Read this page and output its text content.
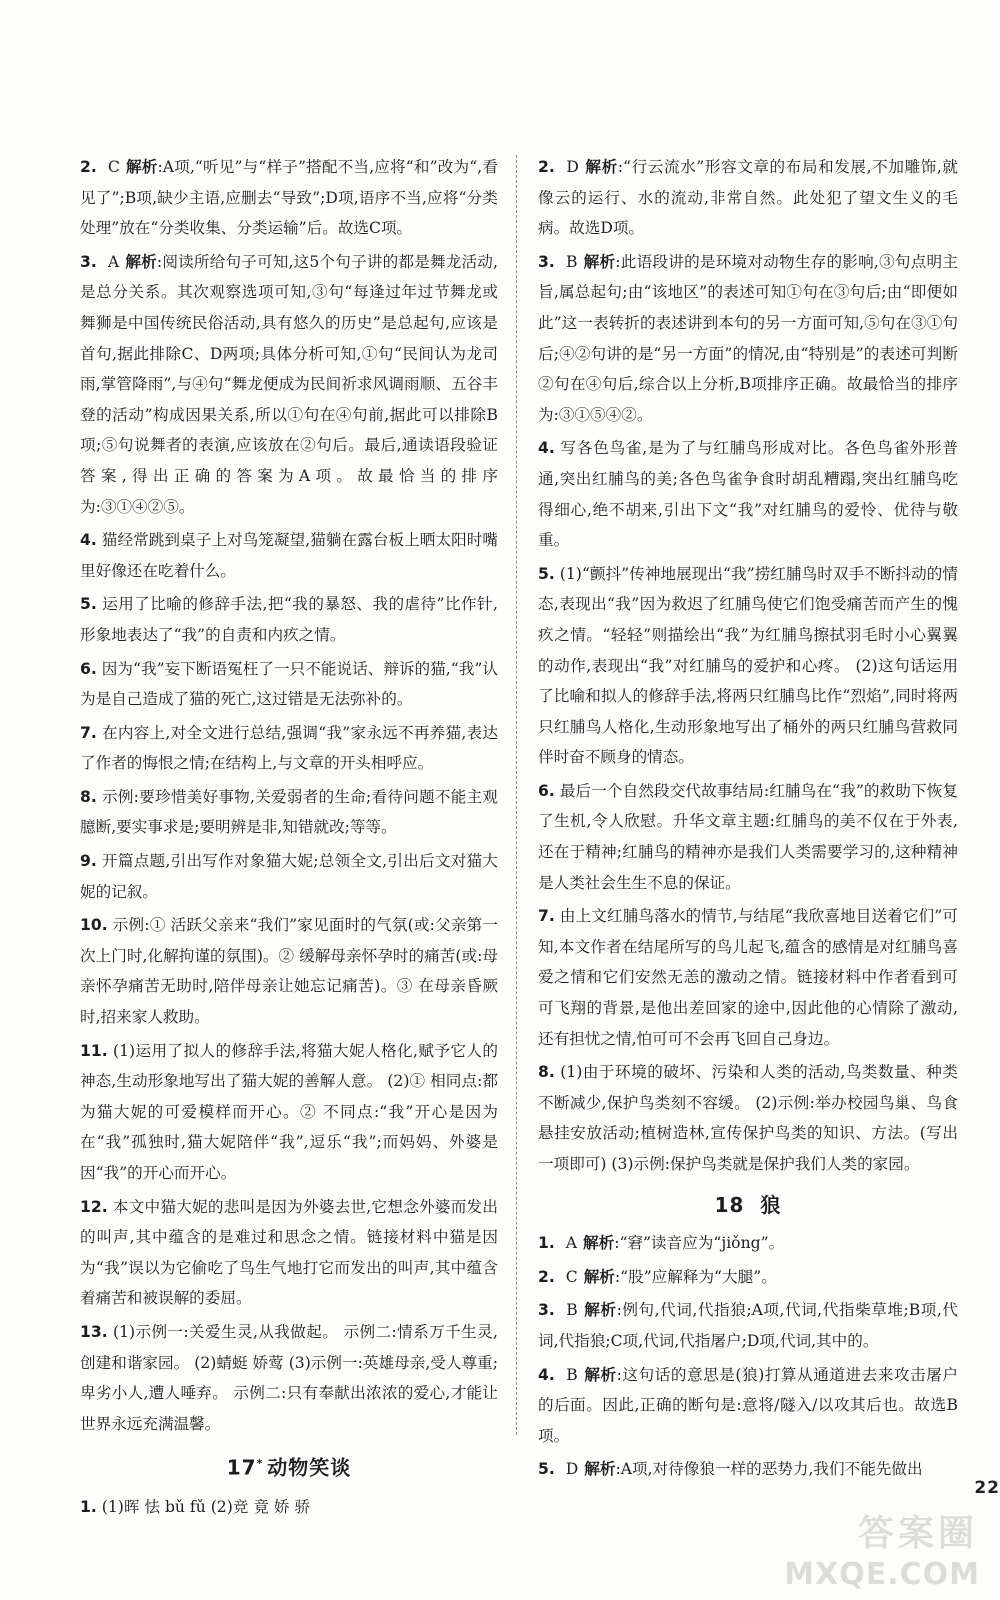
2. C 解析:A项,“听见”与“样子”搭配不当,应将“和”改为“,看见了”;B项,缺少主语,应删去“导致”;D项,语序不当,应将“分类处理”放在“分类收集、分类运输”后。故选C项。
3. A 解析:阅读所给句子可知,这5个句子讲的都是舞龙活动,是总分关系。其次观察选项可知,③句“每逢过年过节舞龙或舞狮是中国传统民俗活动,具有悠久的历史”是总起句,应该是首句,据此排除C、D两项;具体分析可知,①句“民间认为龙司雨,掌管降雨”,与④句“舞龙便成为民间祈求风调雨顺、五谷丰登的活动”构成因果关系,所以①句在④句前,据此可以排除B项;⑤句说舞者的表演,应该放在②句后。最后,通读语段验证答案,得出正确的答案为A项。故最恰当的排序为:③①④②⑤。
4. 猫经常跳到桌子上对鸟笼凝望,猫躺在露台板上晒太阳时嘴里好像还在吃着什么。
5. 运用了比喻的修辞手法,把“我的暴怒、我的虐待”比作针,形象地表达了“我”的自责和内疚之情。
6. 因为“我”妄下断语冤枉了一只不能说话、辩诉的猫,“我”认为是自己造成了猫的死亡,这过错是无法弥补的。
7. 在内容上,对全文进行总结,强调“我”家永远不再养猫,表达了作者的悔恨之情;在结构上,与文章的开头相呼应。
8. 示例:要珍惜美好事物,关爱弱者的生命;看待问题不能主观臆断,要实事求是;要明辨是非,知错就改;等等。
9. 开篇点题,引出写作对象猫大妮;总领全文,引出后文对猫大妮的记叙。
10. 示例:① 活跃父亲来“我们”家见面时的气氛(或:父亲第一次上门时,化解拘谨的氛围)。② 缓解母亲怀孕时的痛苦(或:母亲怀孕痛苦无助时,陪伴母亲让她忘记痛苦)。③ 在母亲昏厥时,招来家人救助。
11. (1)运用了拟人的修辞手法,将猫大妮人格化,赋予它人的神态,生动形象地写出了猫大妮的善解人意。 (2)① 相同点:都为猫大妮的可爱模样而开心。② 不同点:“我”开心是因为在“我”孤独时,猫大妮陪伴“我”,逗乐“我”;而妈妈、外婆是因“我”的开心而开心。
12. 本文中猫大妮的悲叫是因为外婆去世,它想念外婆而发出的叫声,其中蕴含的是难过和思念之情。链接材料中猫是因为“我”误以为它偷吃了鸟生气地打它而发出的叫声,其中蕴含着痛苦和被误解的委屈。
13. (1)示例一:关爱生灵,从我做起。 示例二:情系万千生灵,创建和谐家园。 (2)蜻蜓 娇莺 (3)示例一:英雄母亲,受人尊重;卑劣小人,遭人唾弃。 示例二:只有奉献出浓浓的爱心,才能让世界永远充满温馨。
17* 动物笑谈
1. (1)晖 怯 bǔ fǔ (2)竞 竟 娇 骄
2. D 解析:“行云流水”形容文章的布局和发展,不加雕饰,就像云的运行、水的流动,非常自然。此处犯了望文生义的毛病。故选D项。
3. B 解析:此语段讲的是环境对动物生存的影响,③句点明主旨,属总起句;由“该地区”的表述可知①句在③句后;由“即便如此”这一表转折的表述讲到本句的另一方面可知,⑤句在③①句后;④②句讲的是“另一方面”的情况,由“特别是”的表述可判断②句在④句后,综合以上分析,B项排序正确。故最恰当的排序为:③①⑤④②。
4. 写各色鸟雀,是为了与红脯鸟形成对比。各色鸟雀外形普通,突出红脯鸟的美;各色鸟雀争食时胡乱糟蹋,突出红脯鸟吃得细心,绝不胡来,引出下文“我”对红脯鸟的爱怜、优待与敬重。
5. (1)“颤抖”传神地展现出“我”捞红脯鸟时双手不断抖动的情态,表现出“我”因为救迟了红脯鸟使它们饱受痛苦而产生的愧疚之情。“轻轻”则描绘出“我”为红脯鸟擦拭羽毛时小心翼翼的动作,表现出“我”对红脯鸟的爱护和心疼。 (2)这句话运用了比喻和拟人的修辞手法,将两只红脯鸟比作“烈焰”,同时将两只红脯鸟人格化,生动形象地写出了桶外的两只红脯鸟营救同伴时奋不顾身的情态。
6. 最后一个自然段交代故事结局:红脯鸟在“我”的救助下恢复了生机,令人欣慰。升华文章主题:红脯鸟的美不仅在于外表,还在于精神;红脯鸟的精神亦是我们人类需要学习的,这种精神是人类社会生生不息的保证。
7. 由上文红脯鸟落水的情节,与结尾“我欣喜地目送着它们”可知,本文作者在结尾所写的鸟儿起飞,蕴含的感情是对红脯鸟喜爱之情和它们安然无恙的激动之情。链接材料中作者看到可可飞翔的背景,是他出差回家的途中,因此他的心情除了激动,还有担忧之情,怕可可不会再飞回自己身边。
8. (1)由于环境的破坏、污染和人类的活动,鸟类数量、种类不断减少,保护鸟类刻不容缓。 (2)示例:举办校园鸟巢、鸟食悬挂安放活动;植树造林,宣传保护鸟类的知识、方法。(写出一项即可) (3)示例:保护鸟类就是保护我们人类的家园。
18 狼
1. A 解析:“窘”读音应为“jiǒng”。
2. C 解析:“股”应解释为“大腿”。
3. B 解析:例句,代词,代指狼;A项,代词,代指柴草堆;B项,代词,代指狼;C项,代词,代指屠户;D项,代词,其中的。
4. B 解析:这句话的意思是(狼)打算从通道进去来攻击屠户的后面。因此,正确的断句是:意将/隧入/以攻其后也。故选B项。
5. D 解析:A项,对待像狼一样的恶势力,我们不能先做出
22
答案圈
MXQE.COM
